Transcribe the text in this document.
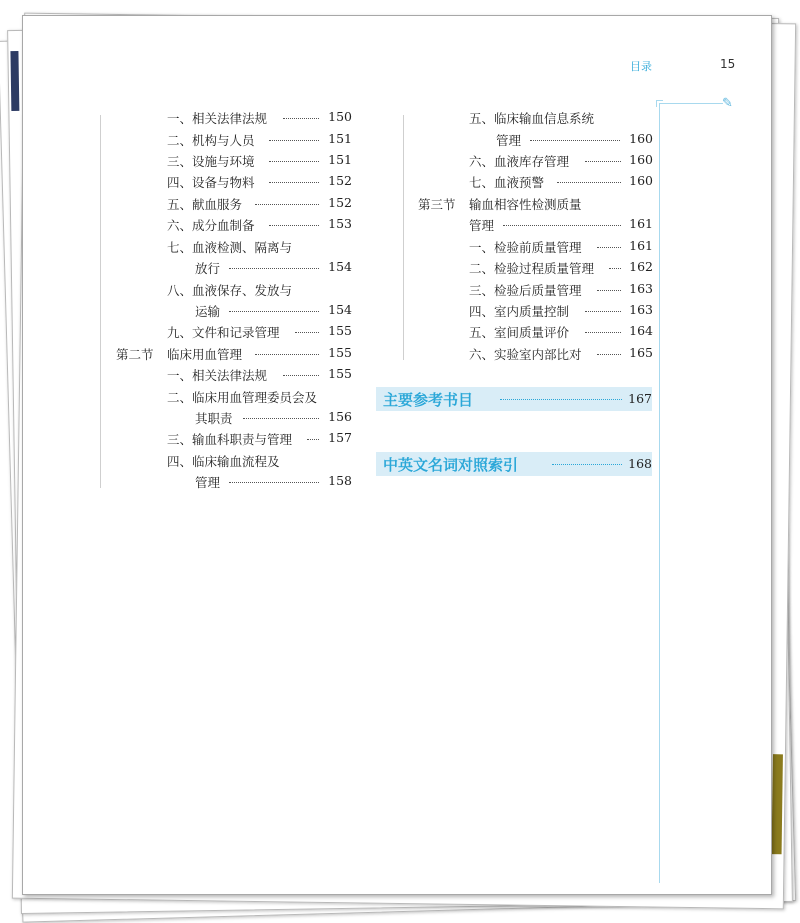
目录	15
✎
一、相关法律法规	150
二、机构与人员	151
三、设施与环境	151
四、设备与物料	152
五、献血服务	152
六、成分血制备	153
七、血液检测、隔离与
放行	154
八、血液保存、发放与
运输	154
九、文件和记录管理	155
第二节 临床用血管理	155
一、相关法律法规	155
二、临床用血管理委员会及
其职责	156
三、输血科职责与管理	157
四、临床输血流程及
管理	158
五、临床输血信息系统
管理	160
六、血液库存管理	160
七、血液预警	160
第三节 输血相容性检测质量
管理	161
一、检验前质量管理	161
二、检验过程质量管理	162
三、检验后质量管理	163
四、室内质量控制	163
五、室间质量评价	164
六、实验室内部比对	165
主要参考书目	167
中英文名词对照索引	168
